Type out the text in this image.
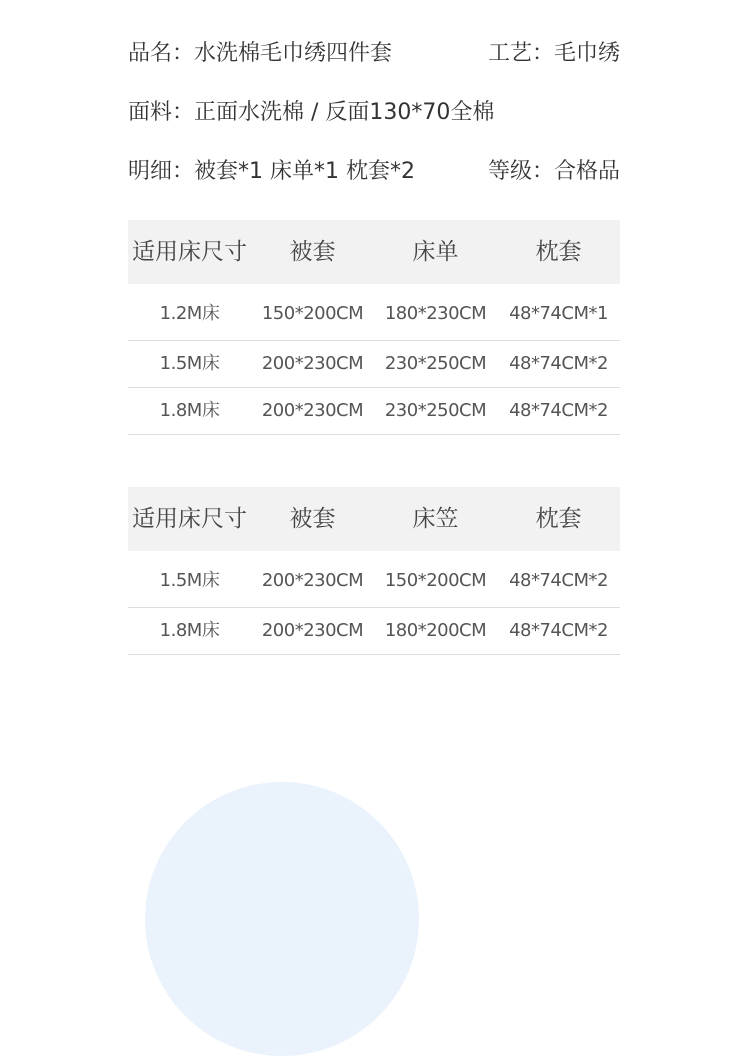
品名：水洗棉毛巾绣四件套	工艺：毛巾绣
面料：正面水洗棉 / 反面130*70全棉
明细：被套*1 床单*1 枕套*2	等级：合格品
适用床尺寸	被套	床单	枕套
1.2M床	150*200CM	180*230CM	48*74CM*1
1.5M床	200*230CM	230*250CM	48*74CM*2
1.8M床	200*230CM	230*250CM	48*74CM*2
适用床尺寸	被套	床笠	枕套
1.5M床	200*230CM	150*200CM	48*74CM*2
1.8M床	200*230CM	180*200CM	48*74CM*2
